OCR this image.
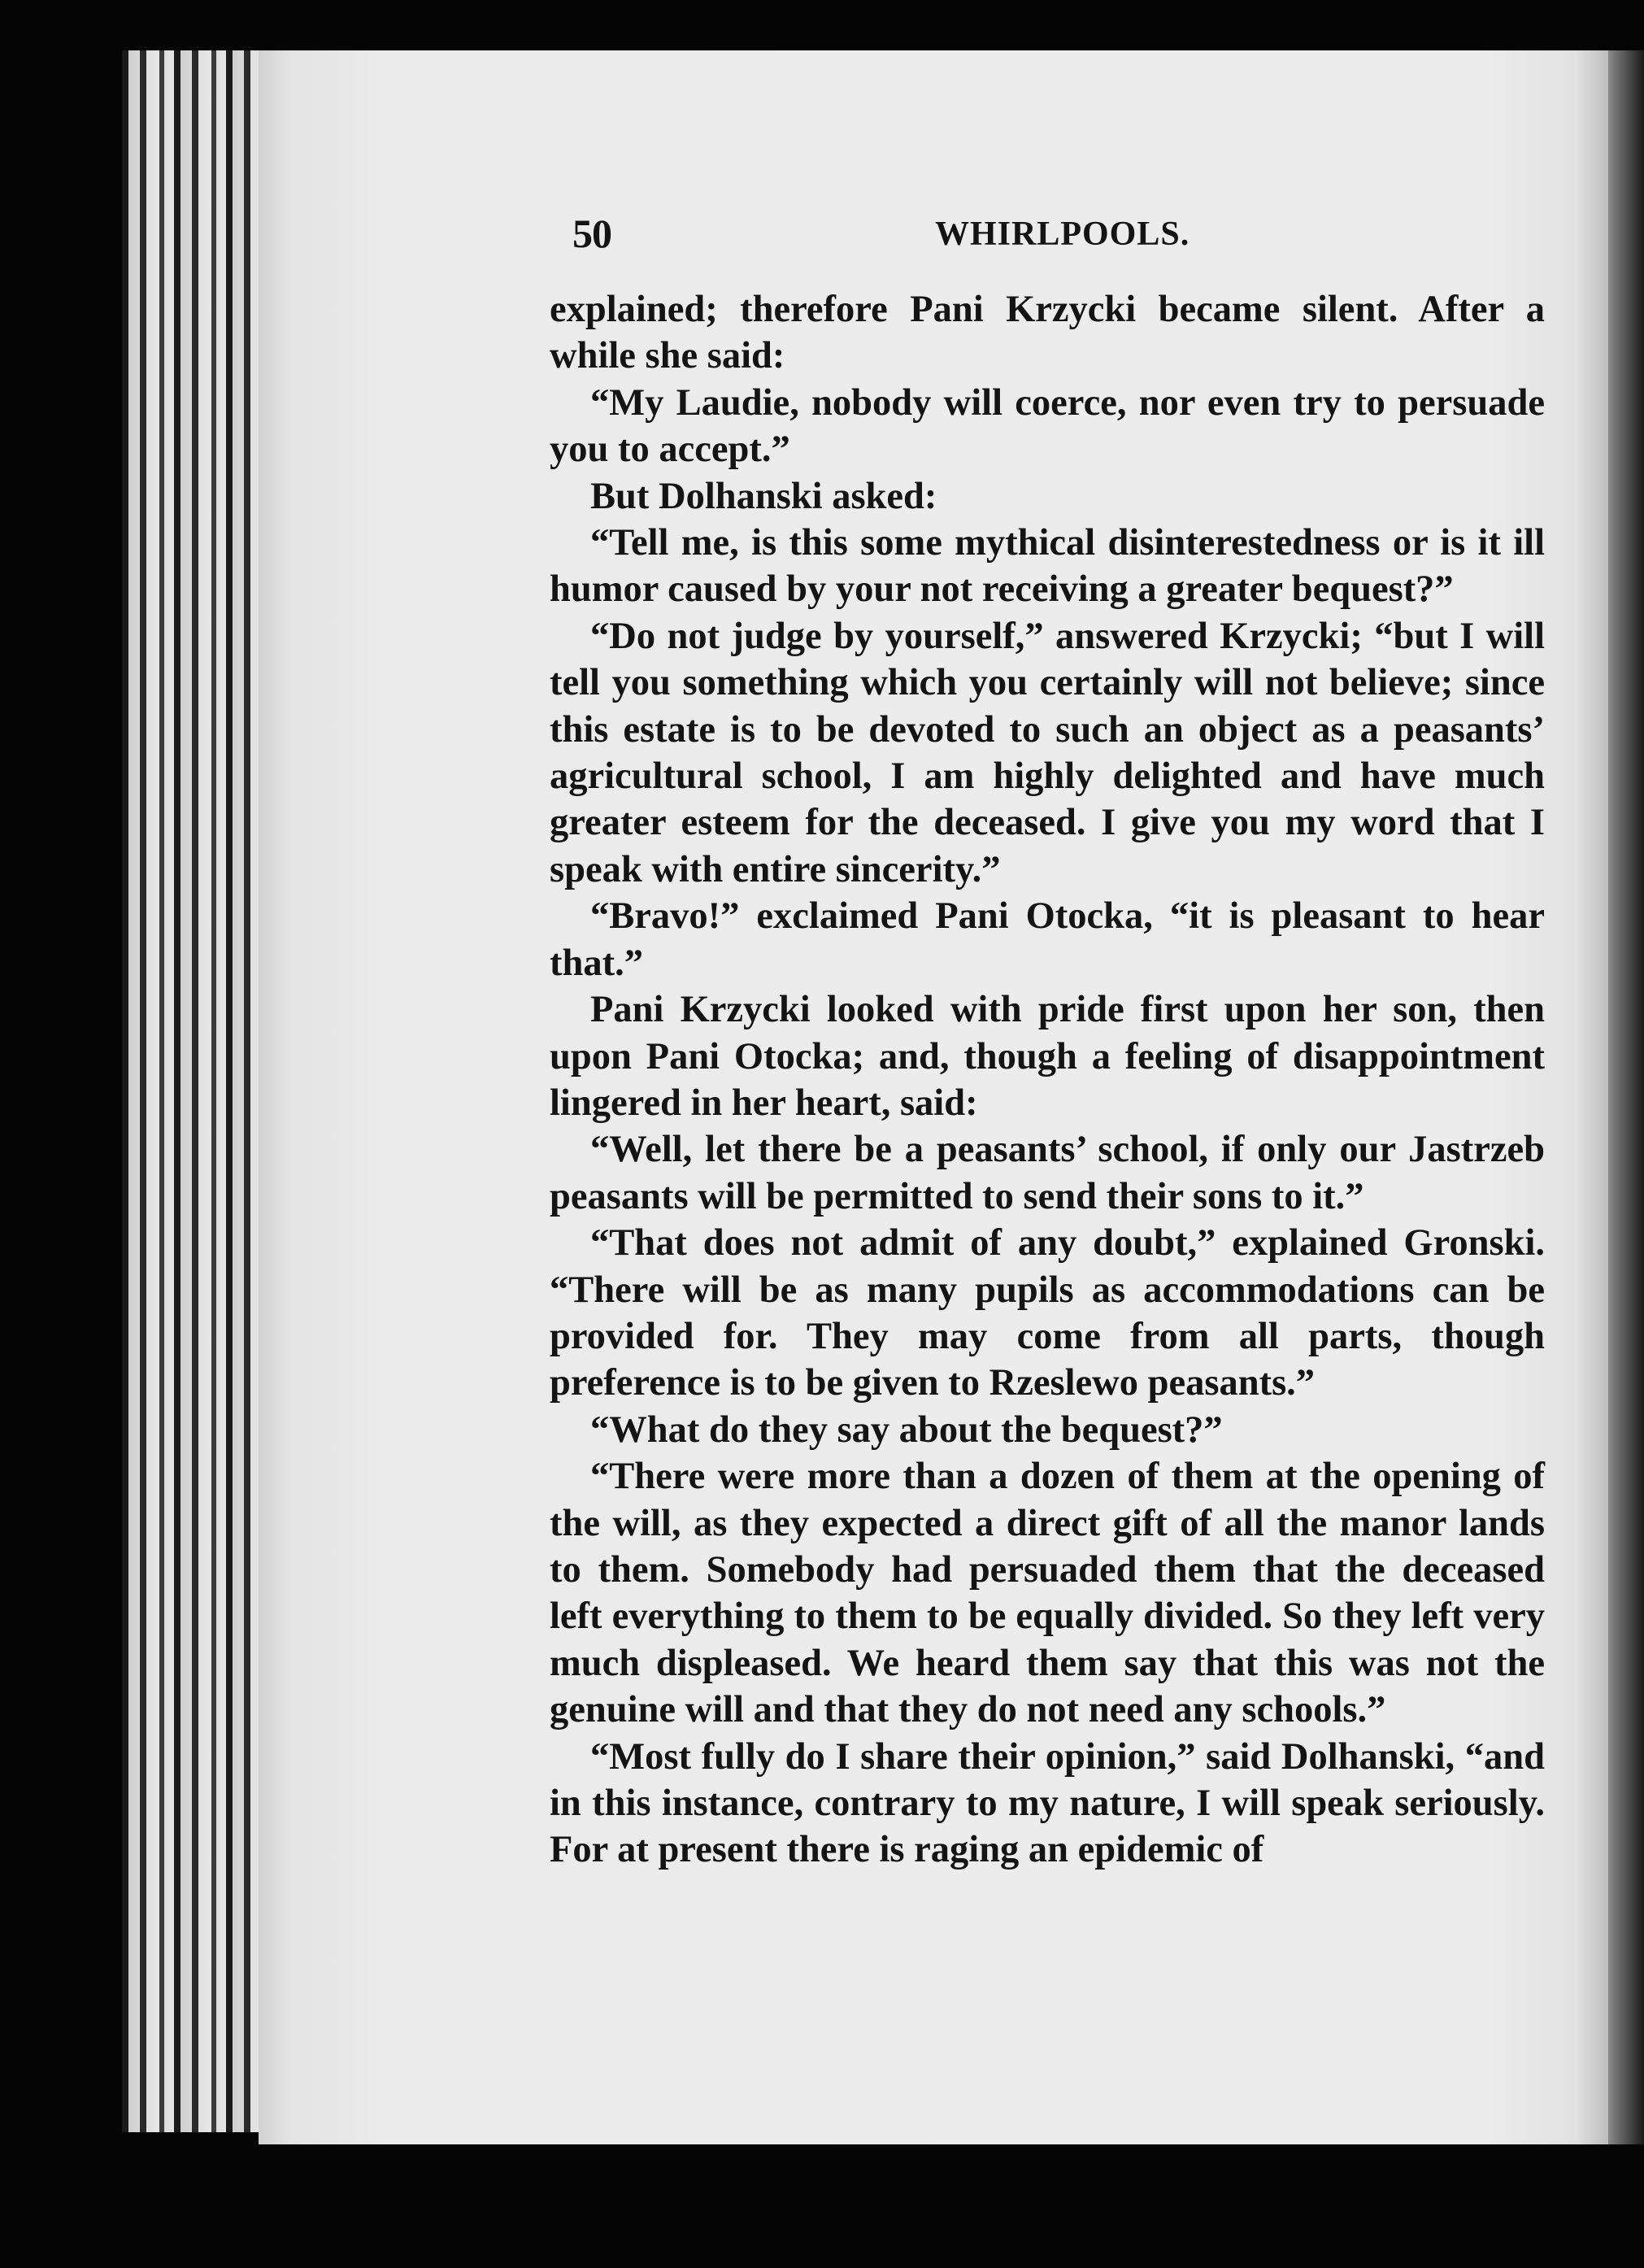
50	WHIRLPOOLS.

explained; therefore Pani Krzycki became silent. After a while she said:

“My Laudie, nobody will coerce, nor even try to persuade you to accept.”

But Dolhanski asked:

“Tell me, is this some mythical disinterestedness or is it ill humor caused by your not receiving a greater bequest?”

“Do not judge by yourself,” answered Krzycki; “but I will tell you something which you certainly will not believe; since this estate is to be devoted to such an object as a peasants’ agricultural school, I am highly delighted and have much greater esteem for the deceased. I give you my word that I speak with entire sincerity.”

“Bravo!” exclaimed Pani Otocka, “it is pleasant to hear that.”

Pani Krzycki looked with pride first upon her son, then upon Pani Otocka; and, though a feeling of disappointment lingered in her heart, said:

“Well, let there be a peasants’ school, if only our Jastrzeb peasants will be permitted to send their sons to it.”

“That does not admit of any doubt,” explained Gronski. “There will be as many pupils as accommodations can be provided for. They may come from all parts, though preference is to be given to Rzeslewo peasants.”

“What do they say about the bequest?”

“There were more than a dozen of them at the opening of the will, as they expected a direct gift of all the manor lands to them. Somebody had persuaded them that the deceased left everything to them to be equally divided. So they left very much displeased. We heard them say that this was not the genuine will and that they do not need any schools.”

“Most fully do I share their opinion,” said Dolhanski, “and in this instance, contrary to my nature, I will speak seriously. For at present there is raging an epidemic of
